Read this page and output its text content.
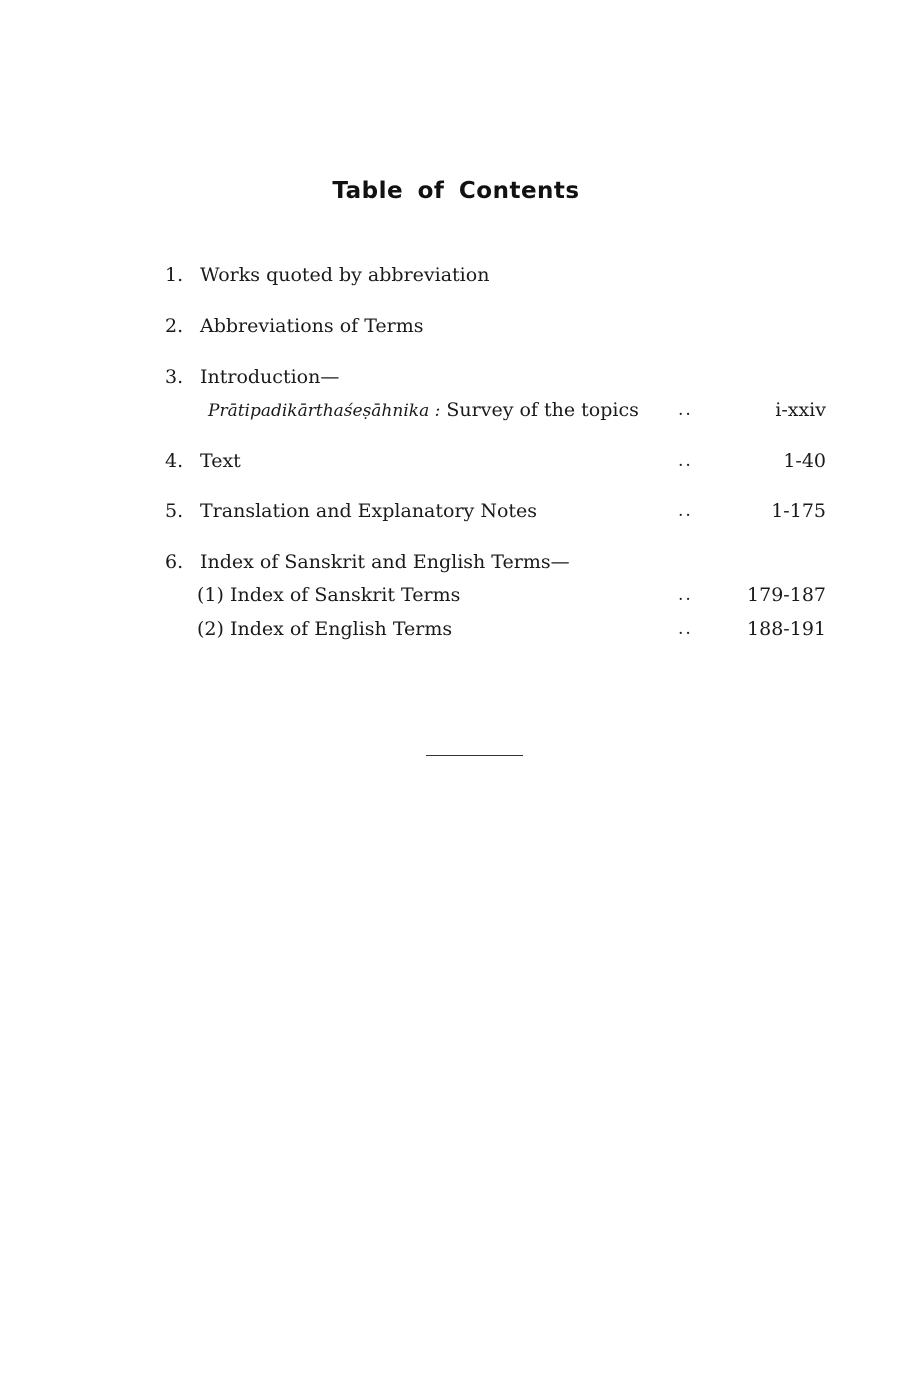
Table of Contents
1. Works quoted by abbreviation
2. Abbreviations of Terms
3. Introduction—
Prātipadikārthaśeṣāhnika : Survey of the topics ..	i-xxiv
4. Text	..	1-40
5. Translation and Explanatory Notes	..	1-175
6. Index of Sanskrit and English Terms—
(1) Index of Sanskrit Terms	..	179-187
(2) Index of English Terms	..	188-191
